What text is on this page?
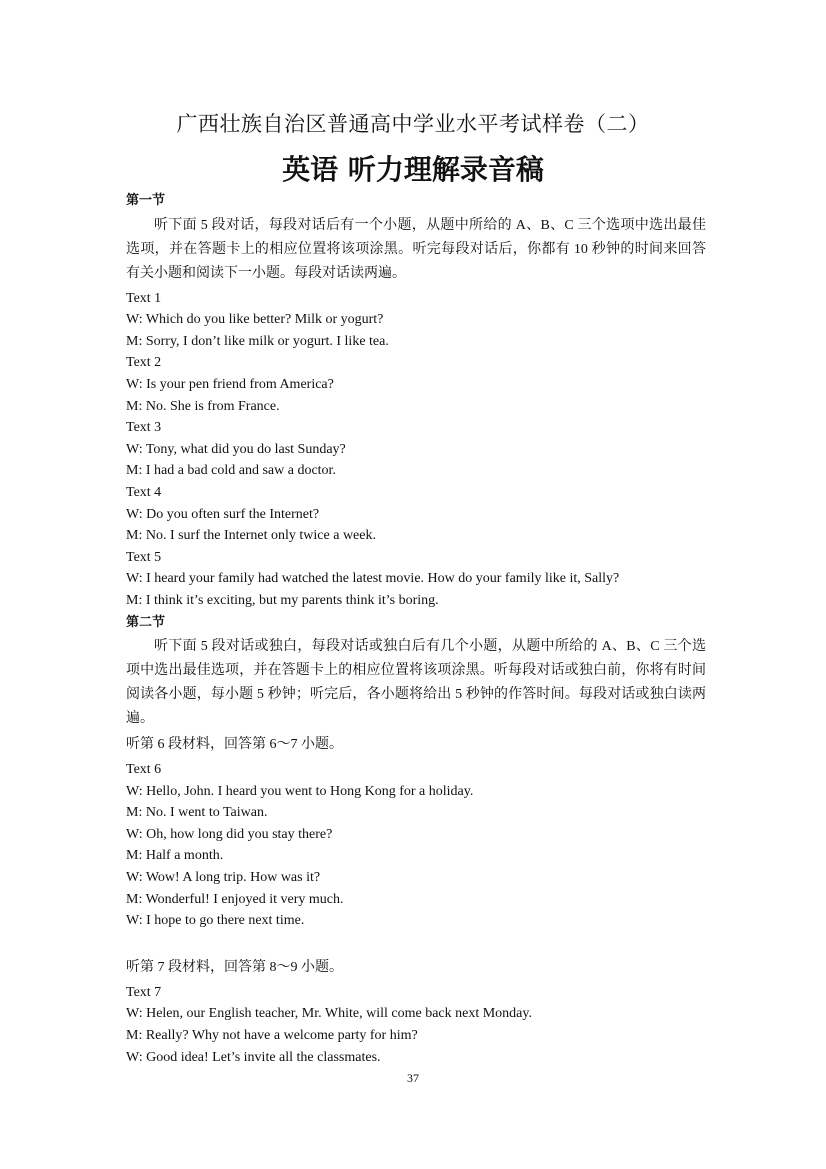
广西壮族自治区普通高中学业水平考试样卷（二）
英语 听力理解录音稿
第一节
听下面 5 段对话，每段对话后有一个小题，从题中所给的 A、B、C 三个选项中选出最佳选项，并在答题卡上的相应位置将该项涂黑。听完每段对话后，你都有 10 秒钟的时间来回答有关小题和阅读下一小题。每段对话读两遍。
Text 1
W: Which do you like better? Milk or yogurt?
M: Sorry, I don’t like milk or yogurt. I like tea.
Text 2
W: Is your pen friend from America?
M: No. She is from France.
Text 3
W: Tony, what did you do last Sunday?
M: I had a bad cold and saw a doctor.
Text 4
W: Do you often surf the Internet?
M: No. I surf the Internet only twice a week.
Text 5
W: I heard your family had watched the latest movie. How do your family like it, Sally?
M: I think it’s exciting, but my parents think it’s boring.
第二节
听下面 5 段对话或独白，每段对话或独白后有几个小题，从题中所给的 A、B、C 三个选项中选出最佳选项，并在答题卡上的相应位置将该项涂黑。听每段对话或独白前，你将有时间阅读各小题，每小题 5 秒钟；听完后，各小题将给出 5 秒钟的作答时间。每段对话或独白读两遍。
听第 6 段材料，回答第 6～7 小题。
Text 6
W: Hello, John. I heard you went to Hong Kong for a holiday.
M: No. I went to Taiwan.
W: Oh, how long did you stay there?
M: Half a month.
W: Wow! A long trip. How was it?
M: Wonderful! I enjoyed it very much.
W: I hope to go there next time.
听第 7 段材料，回答第 8～9 小题。
Text 7
W: Helen, our English teacher, Mr. White, will come back next Monday.
M: Really? Why not have a welcome party for him?
W: Good idea! Let’s invite all the classmates.
37
